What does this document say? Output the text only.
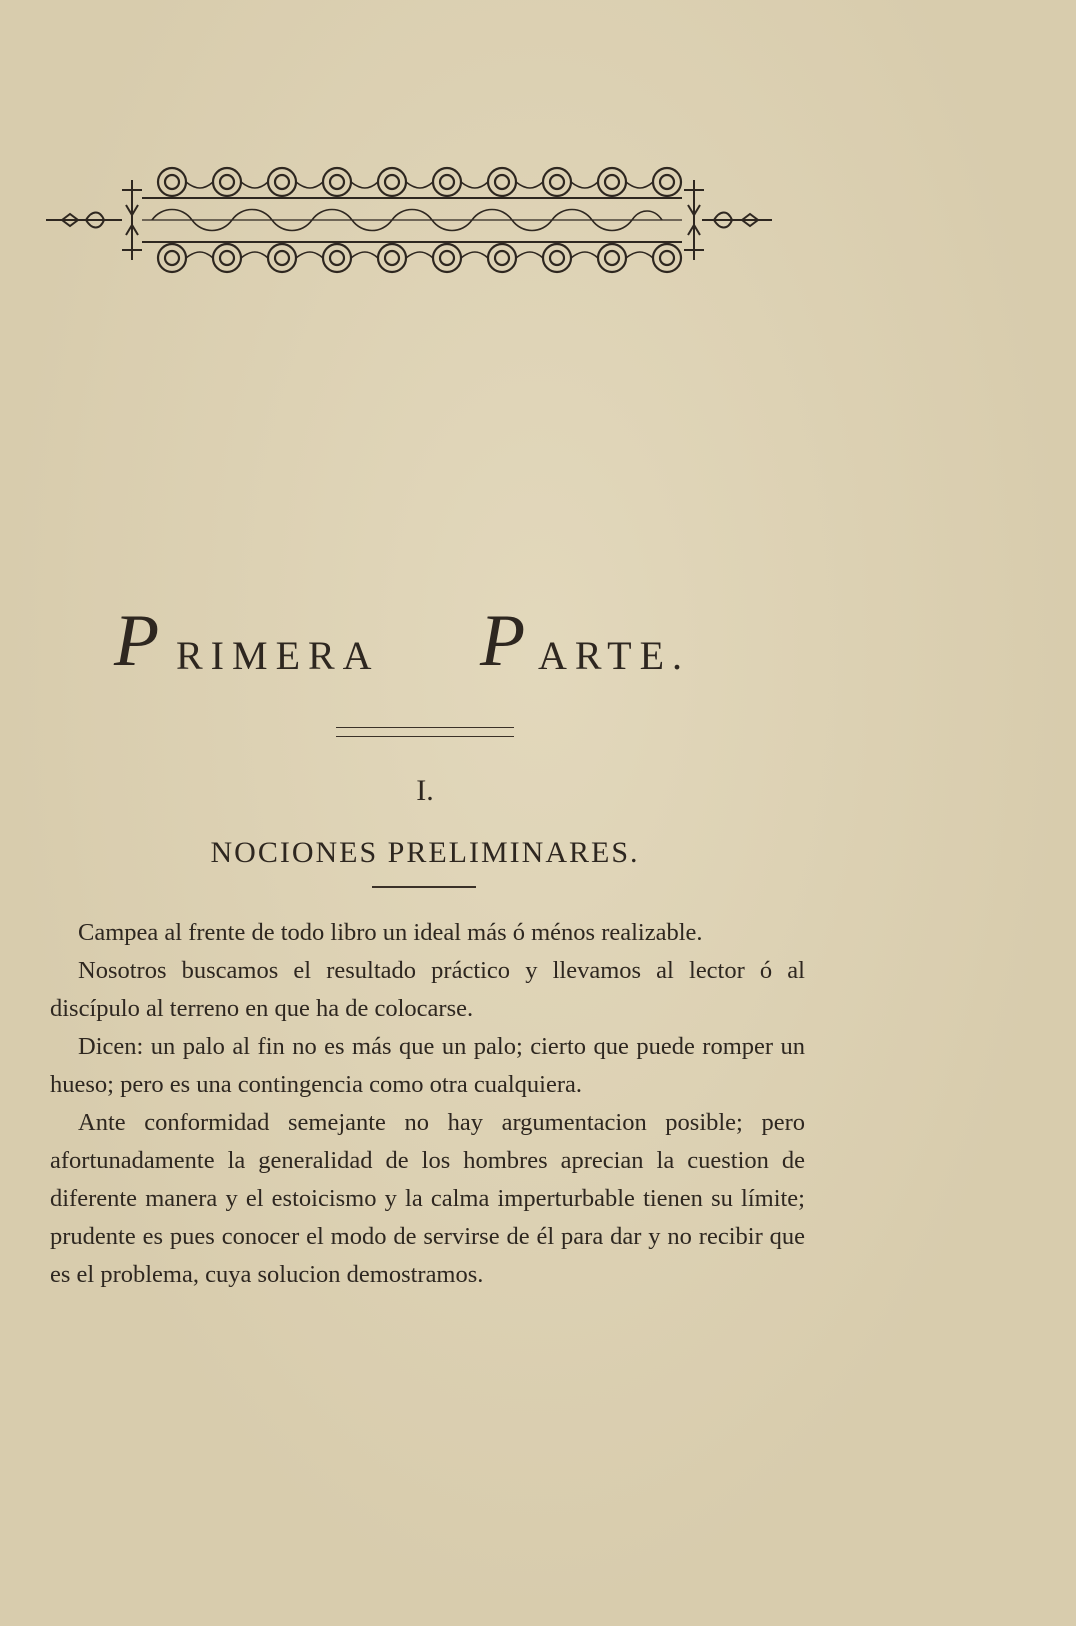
P RIMERA P ARTE.
I.
NOCIONES PRELIMINARES.

Campea al frente de todo libro un ideal más ó ménos realizable.

Nosotros buscamos el resultado práctico y llevamos al lector ó al discípulo al terreno en que ha de colocarse.

Dicen: un palo al fin no es más que un palo; cierto que puede romper un hueso; pero es una contingencia como otra cualquiera.

Ante conformidad semejante no hay argumentacion posible; pero afortunadamente la generalidad de los hombres aprecian la cuestion de diferente manera y el estoicismo y la calma imperturbable tienen su límite; prudente es pues conocer el modo de servirse de él para dar y no recibir que es el problema, cuya solucion demostramos.
